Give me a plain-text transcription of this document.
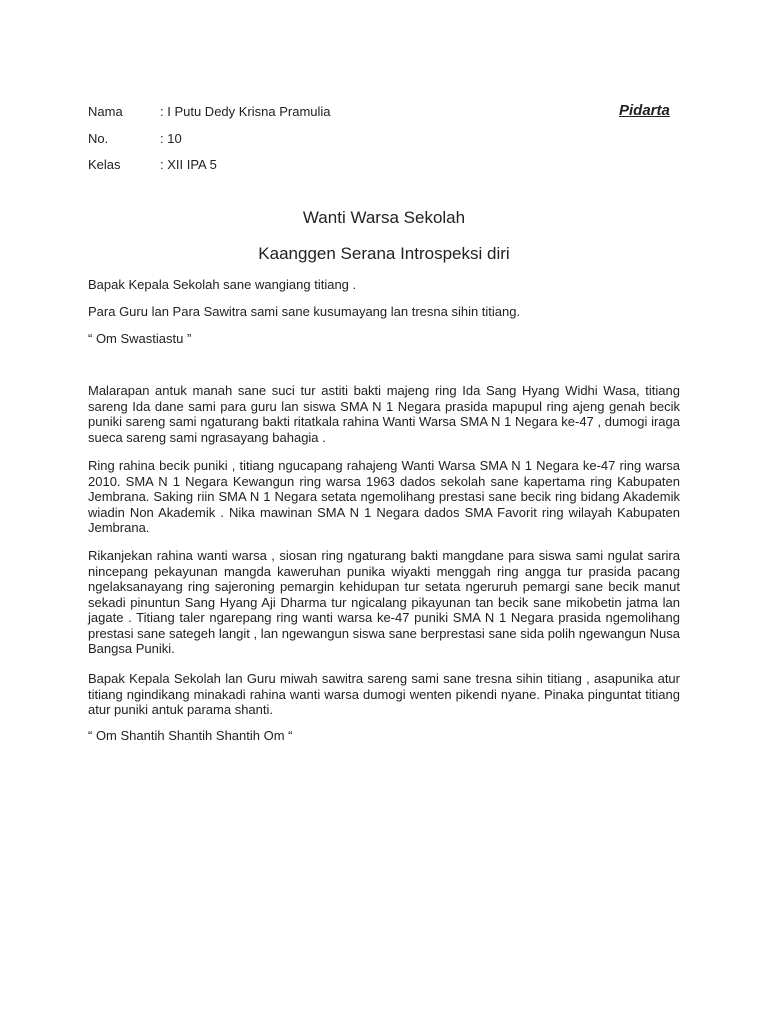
Nama	: I Putu Dedy Krisna Pramulia
No.	: 10
Kelas	: XII IPA 5
Pidarta
Wanti Warsa Sekolah
Kaanggen Serana Introspeksi diri

Bapak Kepala Sekolah sane wangiang titiang .

Para Guru lan Para Sawitra sami sane kusumayang lan tresna sihin titiang.

“ Om Swastiastu ”

Malarapan antuk manah sane suci tur astiti bakti majeng ring Ida Sang Hyang Widhi Wasa, titiang sareng Ida dane sami para guru lan siswa SMA N 1 Negara prasida mapupul ring ajeng genah becik puniki sareng sami ngaturang bakti ritatkala rahina Wanti Warsa SMA N 1 Negara ke-47 , dumogi iraga sueca sareng sami ngrasayang bahagia .

Ring rahina becik puniki , titiang ngucapang rahajeng Wanti Warsa SMA N 1 Negara ke-47 ring warsa 2010. SMA N 1 Negara Kewangun ring warsa 1963 dados sekolah sane kapertama ring Kabupaten Jembrana. Saking riin SMA N 1 Negara setata ngemolihang prestasi sane becik ring bidang Akademik wiadin Non Akademik . Nika mawinan SMA N 1 Negara dados SMA Favorit ring wilayah Kabupaten Jembrana.

Rikanjekan rahina wanti warsa , siosan ring ngaturang bakti mangdane para siswa sami ngulat sarira nincepang pekayunan mangda kaweruhan punika wiyakti menggah ring angga tur prasida pacang ngelaksanayang ring sajeroning pemargin kehidupan tur setata ngeruruh pemargi sane becik manut sekadi pinuntun Sang Hyang Aji Dharma tur ngicalang pikayunan tan becik sane mikobetin jatma lan jagate . Titiang taler ngarepang ring wanti warsa ke-47 puniki SMA N 1 Negara prasida ngemolihang prestasi sane sategeh langit , lan ngewangun siswa sane berprestasi sane sida polih ngewangun Nusa Bangsa Puniki.

Bapak Kepala Sekolah lan Guru miwah sawitra sareng sami sane tresna sihin titiang , asapunika atur titiang ngindikang minakadi rahina wanti warsa dumogi wenten pikendi nyane. Pinaka pinguntat titiang atur puniki antuk parama shanti.

“ Om Shantih Shantih Shantih Om “
